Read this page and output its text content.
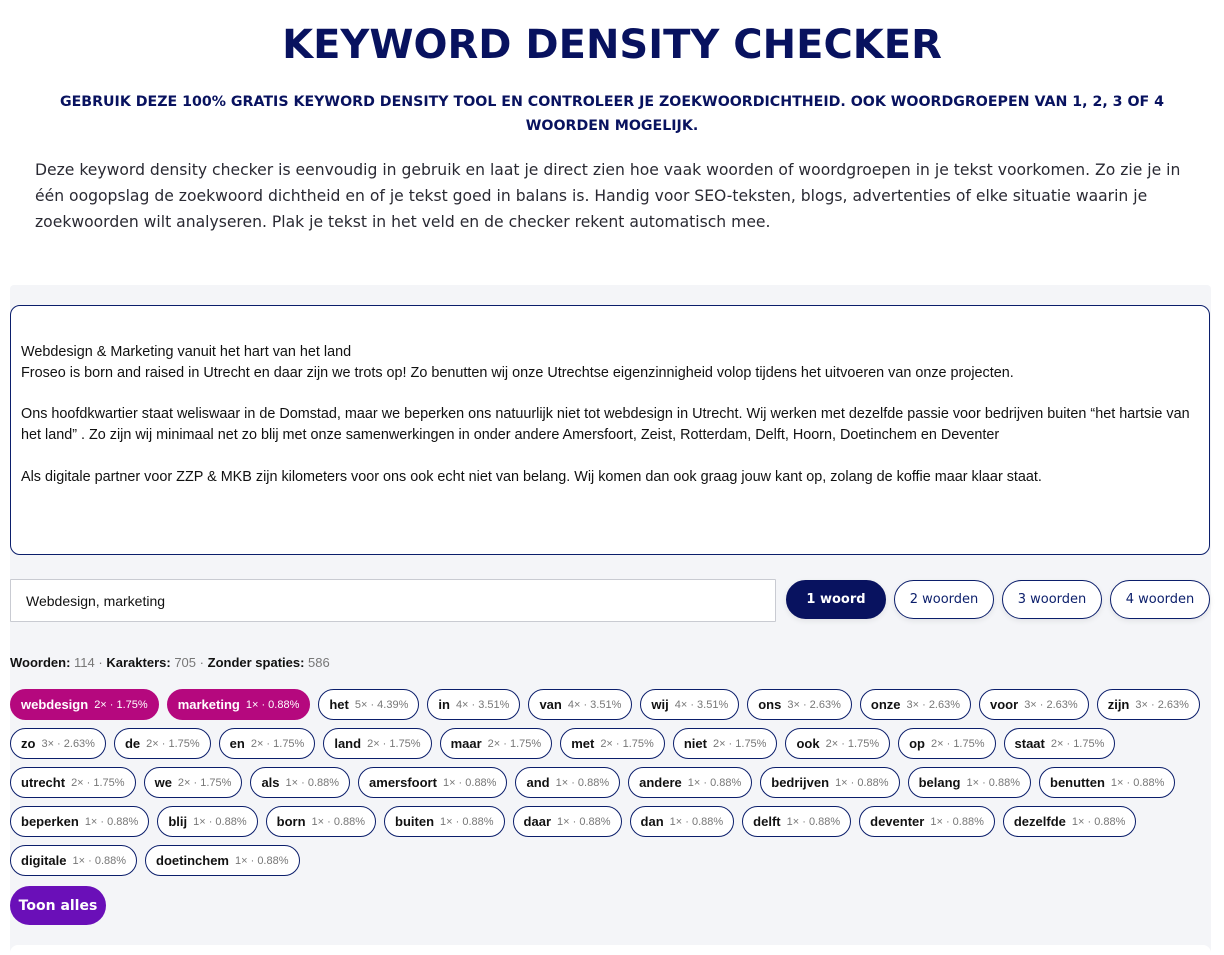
KEYWORD DENSITY CHECKER
GEBRUIK DEZE 100% GRATIS KEYWORD DENSITY TOOL EN CONTROLEER JE ZOEKWOORDICHTHEID. OOK WOORDGROEPEN VAN 1, 2, 3 OF 4 WOORDEN MOGELIJK.

Deze keyword density checker is eenvoudig in gebruik en laat je direct zien hoe vaak woorden of woordgroepen in je tekst voorkomen. Zo zie je in één oogopslag de zoekwoord dichtheid en of je tekst goed in balans is. Handig voor SEO-teksten, blogs, advertenties of elke situatie waarin je zoekwoorden wilt analyseren. Plak je tekst in het veld en de checker rekent automatisch mee.

Webdesign & Marketing vanuit het hart van het land

Froseo is born and raised in Utrecht en daar zijn we trots op! Zo benutten wij onze Utrechtse eigenzinnigheid volop tijdens het uitvoeren van onze projecten.

Ons hoofdkwartier staat weliswaar in de Domstad, maar we beperken ons natuurlijk niet tot webdesign in Utrecht. Wij werken met dezelfde passie voor bedrijven buiten “het hartsie van het land” . Zo zijn wij minimaal net zo blij met onze samenwerkingen in onder andere Amersfoort, Zeist, Rotterdam, Delft, Hoorn, Doetinchem en Deventer

Als digitale partner voor ZZP & MKB zijn kilometers voor ons ook echt niet van belang. Wij komen dan ook graag jouw kant op, zolang de koffie maar klaar staat.

Webdesign, marketing	1 woord	2 woorden	3 woorden	4 woorden
Woorden: 114 · Karakters: 705 · Zonder spaties: 586
webdesign 2× · 1.75% marketing 1× · 0.88% het 5× · 4.39% in 4× · 3.51% van 4× · 3.51% wij 4× · 3.51% ons 3× · 2.63% onze 3× · 2.63% voor 3× · 2.63% zijn 3× · 2.63%
zo 3× · 2.63% de 2× · 1.75% en 2× · 1.75% land 2× · 1.75% maar 2× · 1.75% met 2× · 1.75% niet 2× · 1.75% ook 2× · 1.75% op 2× · 1.75% staat 2× · 1.75%
utrecht 2× · 1.75% we 2× · 1.75% als 1× · 0.88% amersfoort 1× · 0.88% and 1× · 0.88% andere 1× · 0.88% bedrijven 1× · 0.88% belang 1× · 0.88% benutten 1× · 0.88%
beperken 1× · 0.88% blij 1× · 0.88% born 1× · 0.88% buiten 1× · 0.88% daar 1× · 0.88% dan 1× · 0.88% delft 1× · 0.88% deventer 1× · 0.88% dezelfde 1× · 0.88%
digitale 1× · 0.88% doetinchem 1× · 0.88%
Toon alles
